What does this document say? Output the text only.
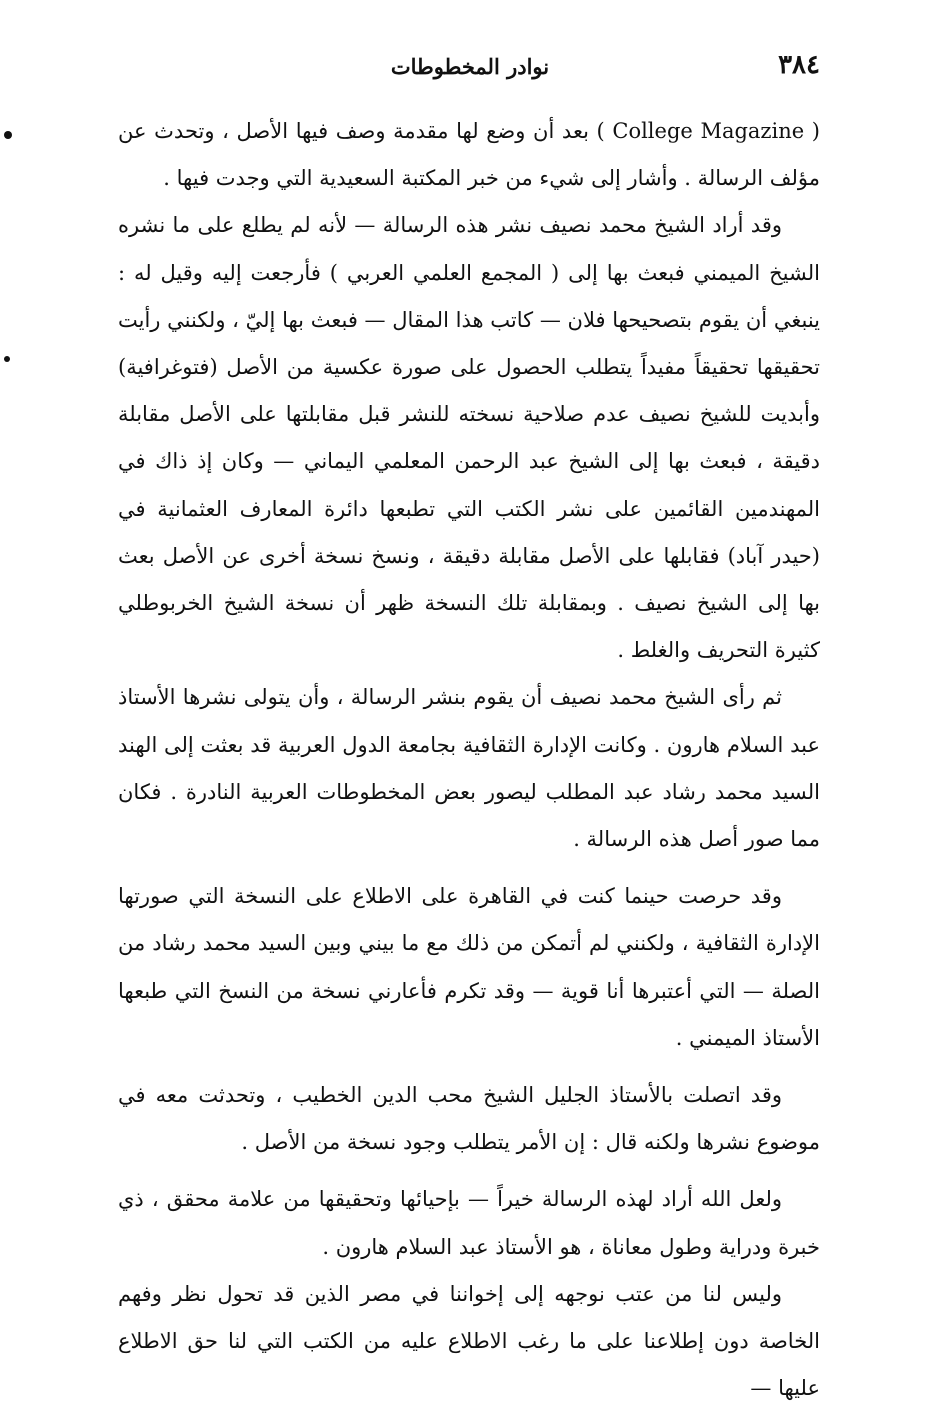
٣٨٤
نوادر المخطوطات

( College Magazine ) بعد أن وضع لها مقدمة وصف فيها الأصل ، وتحدث عن مؤلف الرسالة . وأشار إلى شيء من خبر المكتبة السعيدية التي وجدت فيها .

وقد أراد الشيخ محمد نصيف نشر هذه الرسالة — لأنه لم يطلع على ما نشره الشيخ الميمني فبعث بها إلى ( المجمع العلمي العربي ) فأرجعت إليه وقيل له : ينبغي أن يقوم بتصحيحها فلان — كاتب هذا المقال — فبعث بها إليّ ، ولكنني رأيت تحقيقها تحقيقاً مفيداً يتطلب الحصول على صورة عكسية من الأصل (فتوغرافية) وأبديت للشيخ نصيف عدم صلاحية نسخته للنشر قبل مقابلتها على الأصل مقابلة دقيقة ، فبعث بها إلى الشيخ عبد الرحمن المعلمي اليماني — وكان إذ ذاك في المهندمين القائمين على نشر الكتب التي تطبعها دائرة المعارف العثمانية في (حيدر آباد) فقابلها على الأصل مقابلة دقيقة ، ونسخ نسخة أخرى عن الأصل بعث بها إلى الشيخ نصيف . وبمقابلة تلك النسخة ظهر أن نسخة الشيخ الخربوطلي كثيرة التحريف والغلط .

ثم رأى الشيخ محمد نصيف أن يقوم بنشر الرسالة ، وأن يتولى نشرها الأستاذ عبد السلام هارون . وكانت الإدارة الثقافية بجامعة الدول العربية قد بعثت إلى الهند السيد محمد رشاد عبد المطلب ليصور بعض المخطوطات العربية النادرة . فكان مما صور أصل هذه الرسالة .

وقد حرصت حينما كنت في القاهرة على الاطلاع على النسخة التي صورتها الإدارة الثقافية ، ولكنني لم أتمكن من ذلك مع ما بيني وبين السيد محمد رشاد من الصلة — التي أعتبرها أنا قوية — وقد تكرم فأعارني نسخة من النسخ التي طبعها الأستاذ الميمني .

وقد اتصلت بالأستاذ الجليل الشيخ محب الدين الخطيب ، وتحدثت معه في موضوع نشرها ولكنه قال : إن الأمر يتطلب وجود نسخة من الأصل .

ولعل الله أراد لهذه الرسالة خيراً — بإحيائها وتحقيقها من علامة محقق ، ذي خبرة ودراية وطول معاناة ، هو الأستاذ عبد السلام هارون .

وليس لنا من عتب نوجهه إلى إخواننا في مصر الذين قد تحول نظر وفهم الخاصة دون إطلاعنا على ما رغب الاطلاع عليه من الكتب التي لنا حق الاطلاع عليها —
